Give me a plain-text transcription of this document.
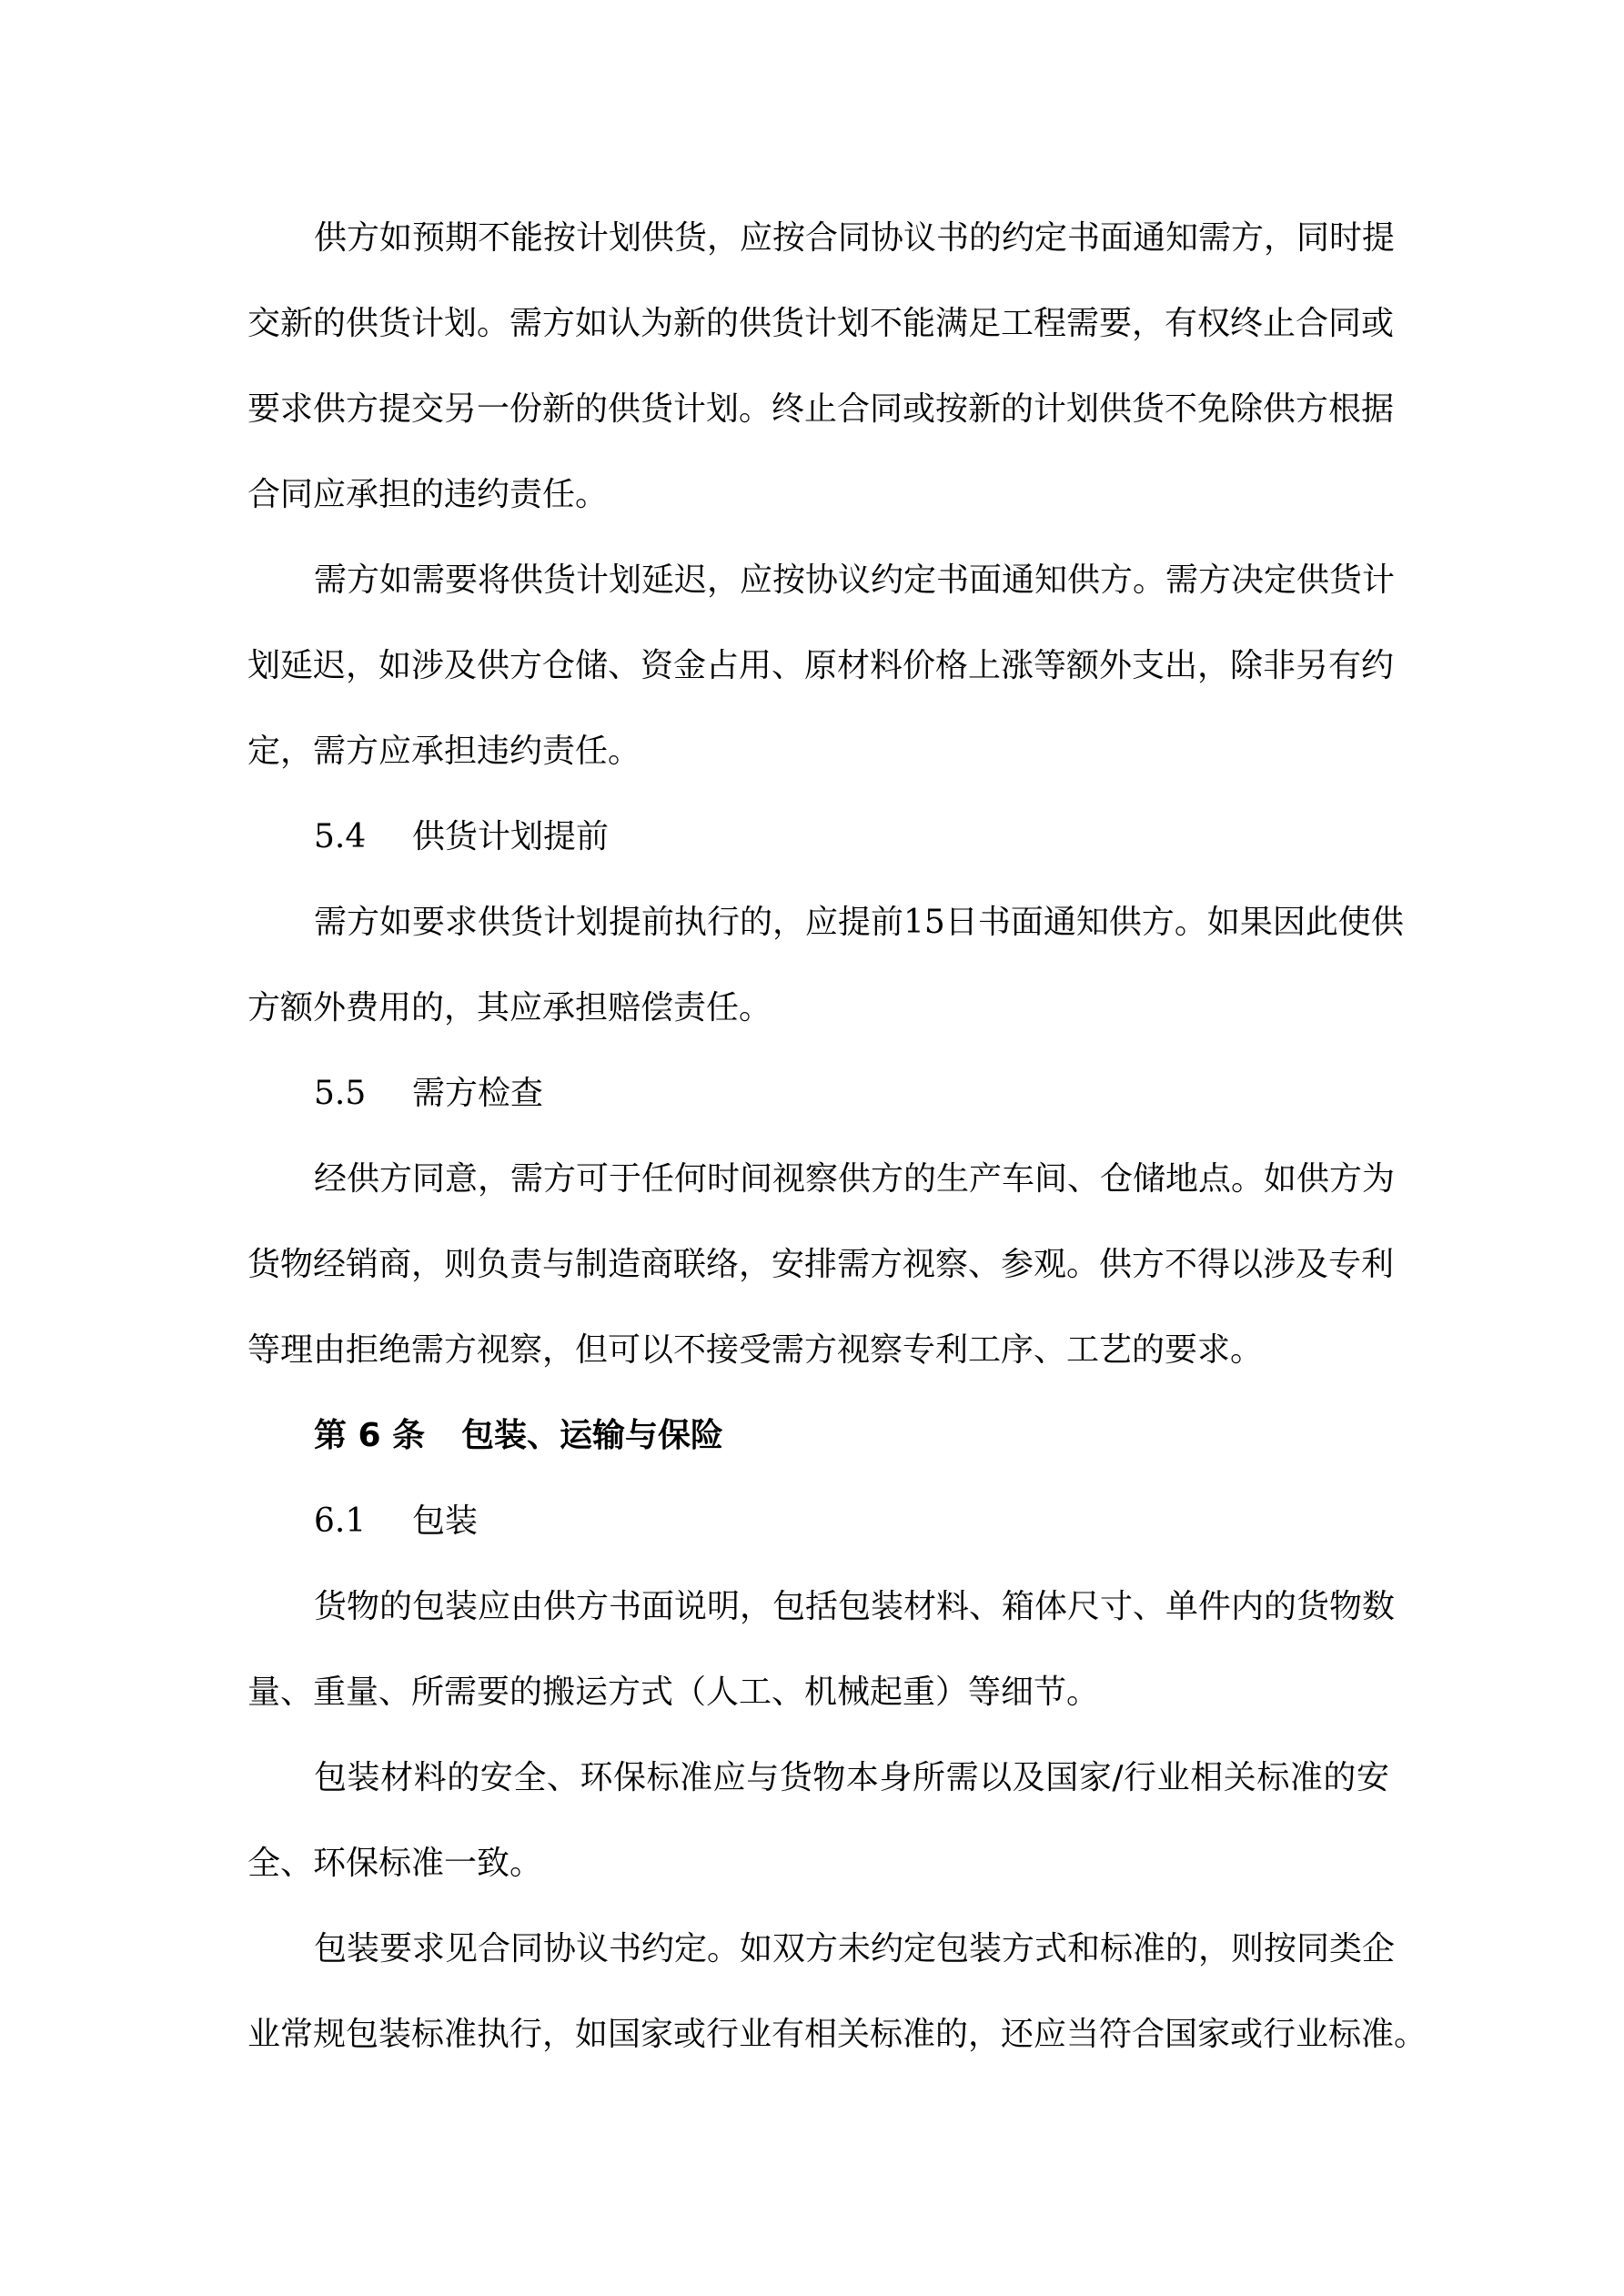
供方如预期不能按计划供货，应按合同协议书的约定书面通知需方，同时提
交新的供货计划。需方如认为新的供货计划不能满足工程需要，有权终止合同或
要求供方提交另一份新的供货计划。终止合同或按新的计划供货不免除供方根据
合同应承担的违约责任。
需方如需要将供货计划延迟，应按协议约定书面通知供方。需方决定供货计
划延迟，如涉及供方仓储、资金占用、原材料价格上涨等额外支出，除非另有约
定，需方应承担违约责任。
5.4 供货计划提前
需方如要求供货计划提前执行的，应提前15日书面通知供方。如果因此使供
方额外费用的，其应承担赔偿责任。
5.5 需方检查
经供方同意，需方可于任何时间视察供方的生产车间、仓储地点。如供方为
货物经销商，则负责与制造商联络，安排需方视察、参观。供方不得以涉及专利
等理由拒绝需方视察，但可以不接受需方视察专利工序、工艺的要求。
第 6 条 包装、运输与保险
6.1 包装
货物的包装应由供方书面说明，包括包装材料、箱体尺寸、单件内的货物数
量、重量、所需要的搬运方式（人工、机械起重）等细节。
包装材料的安全、环保标准应与货物本身所需以及国家/行业相关标准的安
全、环保标准一致。
包装要求见合同协议书约定。如双方未约定包装方式和标准的，则按同类企
业常规包装标准执行，如国家或行业有相关标准的，还应当符合国家或行业标准。
